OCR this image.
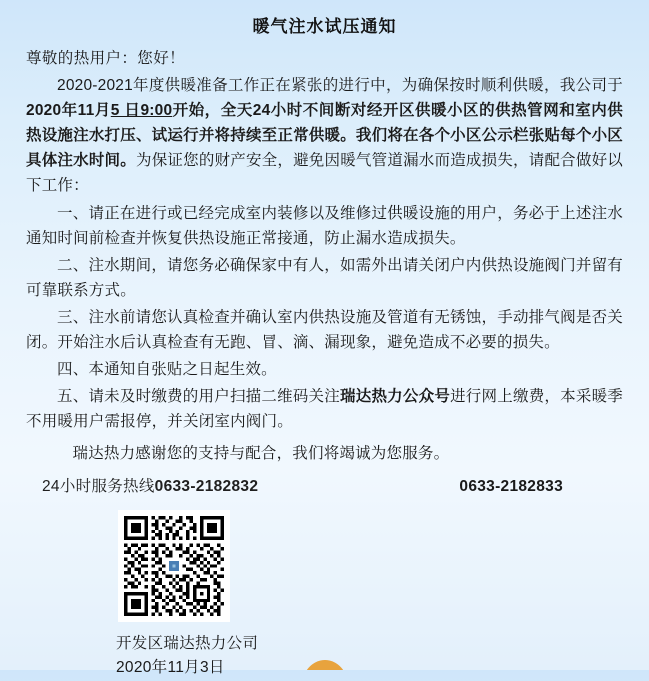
暖气注水试压通知
尊敬的热用户：您好！

2020-2021年度供暖准备工作正在紧张的进行中，为确保按时顺利供暖，我公司于2020年11月5 日9:00开始，全天24小时不间断对经开区供暖小区的供热管网和室内供热设施注水打压、试运行并将持续至正常供暖。我们将在各个小区公示栏张贴每个小区具体注水时间。为保证您的财产安全，避免因暖气管道漏水而造成损失，请配合做好以下工作：

一、请正在进行或已经完成室内装修以及维修过供暖设施的用户，务必于上述注水通知时间前检查并恢复供热设施正常接通，防止漏水造成损失。

二、注水期间，请您务必确保家中有人，如需外出请关闭户内供热设施阀门并留有可靠联系方式。

三、注水前请您认真检查并确认室内供热设施及管道有无锈蚀，手动排气阀是否关闭。开始注水后认真检查有无跑、冒、滴、漏现象，避免造成不必要的损失。

四、本通知自张贴之日起生效。

五、请未及时缴费的用户扫描二维码关注瑞达热力公众号进行网上缴费，本采暖季不用暖用户需报停，并关闭室内阀门。

瑞达热力感谢您的支持与配合，我们将竭诚为您服务。
24小时服务热线0633-2182832	0633-2182833
开发区瑞达热力公司
2020年11月3日
